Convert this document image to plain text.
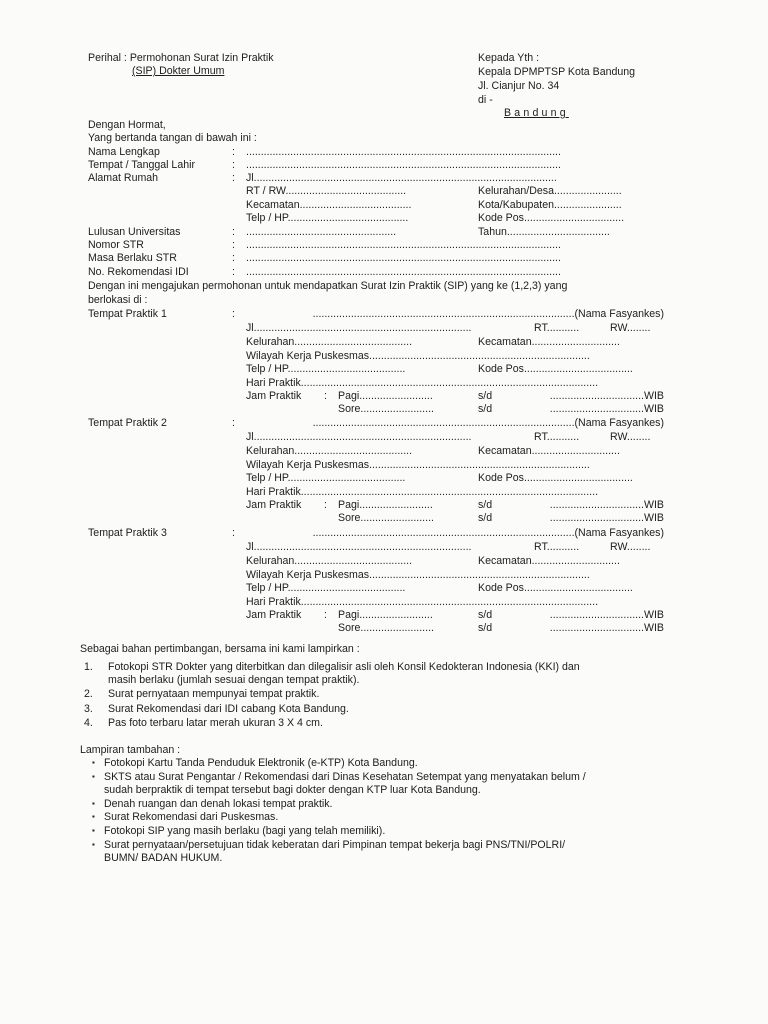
Perihal : Permohonan Surat Izin Praktik
(SIP) Dokter Umum
Kepada Yth :
Kepala DPMPTSP Kota Bandung
Jl. Cianjur No. 34
di -
Bandung
Dengan Hormat,
Yang bertanda tangan di bawah ini :
Nama Lengkap	: ...........................................................................................................
Tempat / Tanggal Lahir	: ...........................................................................................................
Alamat Rumah	: Jl.......................................................................................................
RT / RW.........................................	Kelurahan/Desa.......................
Kecamatan......................................	Kota/Kabupaten.......................
Telp / HP.........................................	Kode Pos..................................
Lulusan Universitas	: ...................................................	Tahun...................................
Nomor STR	: ...........................................................................................................
Masa Berlaku STR	: ...........................................................................................................
No. Rekomendasi IDI	: ...........................................................................................................
Dengan ini mengajukan permohonan untuk mendapatkan Surat Izin Praktik (SIP) yang ke (1,2,3) yang
berlokasi di :
Tempat Praktik 1	:	.........................................................................................(Nama Fasyankes)
Jl..........................................................................	RT...........	RW........
Kelurahan........................................	Kecamatan..............................
Wilayah Kerja Puskesmas...........................................................................
Telp / HP........................................	Kode Pos.....................................
Hari Praktik.....................................................................................................
Jam Praktik : Pagi.........................	s/d	................................WIB
Sore.........................	s/d	................................WIB
Tempat Praktik 2	:	.........................................................................................(Nama Fasyankes)
Jl..........................................................................	RT...........	RW........
Kelurahan........................................	Kecamatan..............................
Wilayah Kerja Puskesmas...........................................................................
Telp / HP........................................	Kode Pos.....................................
Hari Praktik.....................................................................................................
Jam Praktik : Pagi.........................	s/d	................................WIB
Sore.........................	s/d	................................WIB
Tempat Praktik 3	:	.........................................................................................(Nama Fasyankes)
Jl..........................................................................	RT...........	RW........
Kelurahan........................................	Kecamatan..............................
Wilayah Kerja Puskesmas...........................................................................
Telp / HP........................................	Kode Pos.....................................
Hari Praktik.....................................................................................................
Jam Praktik : Pagi.........................	s/d	................................WIB
Sore.........................	s/d	................................WIB
Sebagai bahan pertimbangan, bersama ini kami lampirkan :
1. Fotokopi STR Dokter yang diterbitkan dan dilegalisir asli oleh Konsil Kedokteran Indonesia (KKI) dan
masih berlaku (jumlah sesuai dengan tempat praktik).
2. Surat pernyataan mempunyai tempat praktik.
3. Surat Rekomendasi dari IDI cabang Kota Bandung.
4. Pas foto terbaru latar merah ukuran 3 X 4 cm.
Lampiran tambahan :
▪ Fotokopi Kartu Tanda Penduduk Elektronik (e-KTP) Kota Bandung.
▪ SKTS atau Surat Pengantar / Rekomendasi dari Dinas Kesehatan Setempat yang menyatakan belum /
sudah berpraktik di tempat tersebut bagi dokter dengan KTP luar Kota Bandung.
▪ Denah ruangan dan denah lokasi tempat praktik.
▪ Surat Rekomendasi dari Puskesmas.
▪ Fotokopi SIP yang masih berlaku (bagi yang telah memiliki).
▪ Surat pernyataan/persetujuan tidak keberatan dari Pimpinan tempat bekerja bagi PNS/TNI/POLRI/
BUMN/ BADAN HUKUM.
